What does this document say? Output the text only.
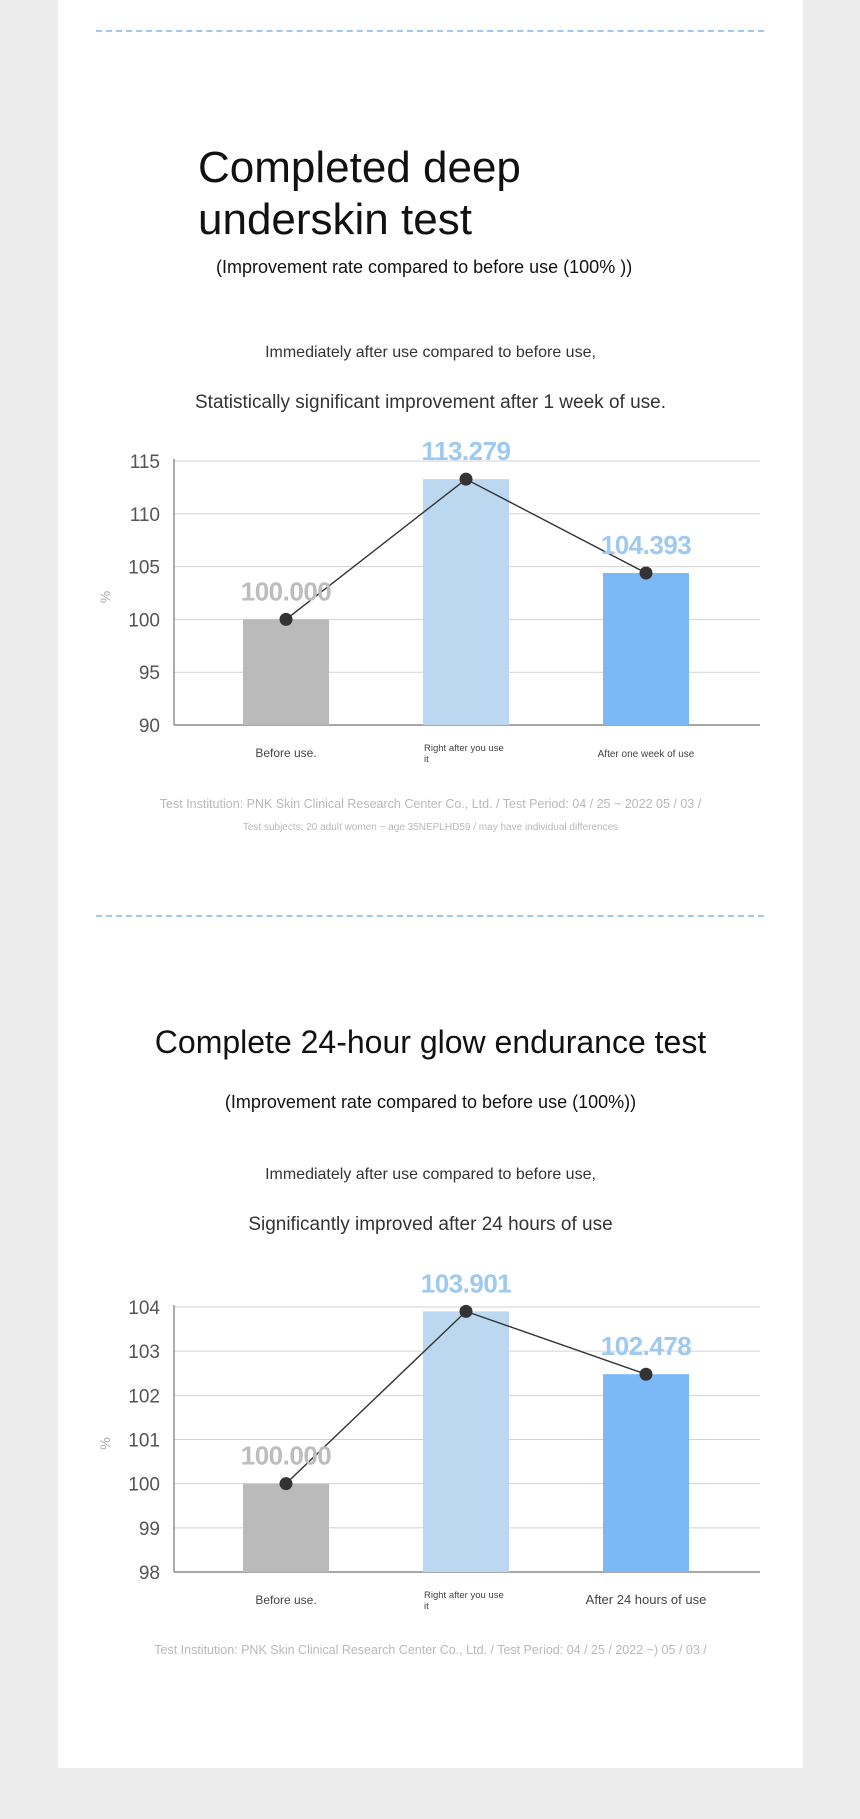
Completed deep underskin test
(Improvement rate compared to before use (100% ))
Immediately after use compared to before use,
Statistically significant improvement after 1 week of use.
90
95
100
105
110
115
%	100.000
113.279
104.393
Before use.	Right after you use
it	After one week of use
Test Institution: PNK Skin Clinical Research Center Co., Ltd. / Test Period: 04 / 25 ~ 2022 05 / 03 /
Test subjects: 20 adult women ~ age 35NEPLHD59 / may have individual differences
Complete 24-hour glow endurance test
(Improvement rate compared to before use (100%))
Immediately after use compared to before use,
Significantly improved after 24 hours of use
98
99
100
101
102
103
104
%	100.000
103.901
102.478
Before use.	Right after you use
it	After 24 hours of use
Test Institution: PNK Skin Clinical Research Center Co., Ltd. / Test Period: 04 / 25 / 2022 ~) 05 / 03 /
